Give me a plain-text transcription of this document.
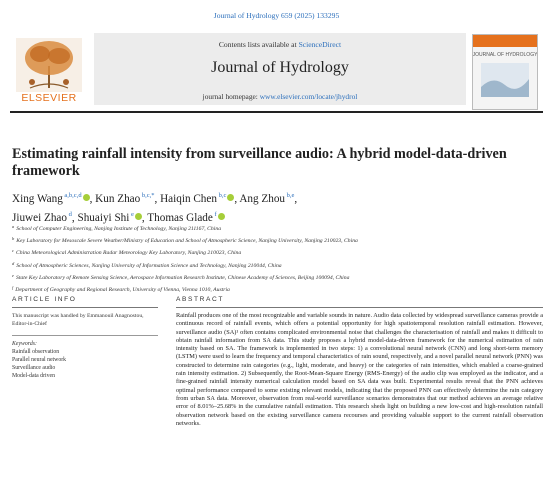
Journal of Hydrology 659 (2025) 133295
Contents lists available at ScienceDirect
Journal of Hydrology
journal homepage: www.elsevier.com/locate/jhydrol
ELSEVIER
JOURNAL OF HYDROLOGY
Estimating rainfall intensity from surveillance audio: A hybrid model-data-driven framework
Xing Wang $^{a,b,c,d}$ , Kun Zhao $^{b,c,*}$, Haiqin Chen $^{b,c}$ , Ang Zhou $^{b,e}$,
Jiuwei Zhao $^d$, Shuaiyi Shi $^e$ , Thomas Glade $^f$
$^a$ School of Computer Engineering, Nanjing Institute of Technology, Nanjing 211167, China
$^b$ Key Laboratory for Mesoscale Severe Weather/Ministry of Education and School of Atmospheric Science, Nanjing University, Nanjing 210023, China
$^c$ China Meteorological Administration Radar Meteorology Key Laboratory, Nanjing 210023, China
$^d$ School of Atmospheric Sciences, Nanjing University of Information Science and Technology, Nanjing 210044, China
$^e$ State Key Laboratory of Remote Sensing Science, Aerospace Information Research Institute, Chinese Academy of Sciences, Beijing 100094, China
$^f$ Department of Geography and Regional Research, University of Vienna, Vienna 1010, Austria
ARTICLE INFO
This manuscript was handled by Emmanouil Anagnostou, Editor-in-Chief
Keywords:
Rainfall observation
Parallel neural network
Surveillance audio
Model-data driven
ABSTRACT
Rainfall produces one of the most recognizable and variable sounds in nature. Audio data collected by widespread surveillance cameras provide a continuous record of rainfall events, which offers a potential opportunity for high spatiotemporal resolution rainfall estimation. However, surveillance audio (SA)¹ often contains complicated environmental noise that challenges the characterisation of rainfall and makes it difficult to obtain rainfall information from SA data. This study proposes a hybrid model-data-driven framework for the numerical estimation of rain intensity based on SA. The framework is implemented in two steps: 1) a convolutional neural network (CNN) and long short-term memory (LSTM) were used to learn the frequency and temporal characteristics of rain sound, respectively, and a novel parallel neural network (PNN) was constructed to determine rain categories (e.g., light, moderate, and heavy) or the categories of rain intensities, which enabled a coarse-grained rain intensity estimation. 2) Subsequently, the Root-Mean-Square Energy (RMS-Energy) of the audio clip was employed as the indicator, and a fine-grained rainfall intensity numerical calculation model based on SA data was built. Experimental results reveal that the PNN achieves optimal performance compared to some existing relevant models, indicating that the proposed PNN can effectively determine the rain category from urban SA data. Moreover, observation from real-world surveillance scenarios demonstrates that our method achieves an average relative error of 8.01%–25.68% in the cumulative rainfall estimation. This research sheds light on building a new low-cost and high-resolution rainfall observation network based on the existing surveillance camera recourses and providing valuable support to the current rainfall observation networks.
